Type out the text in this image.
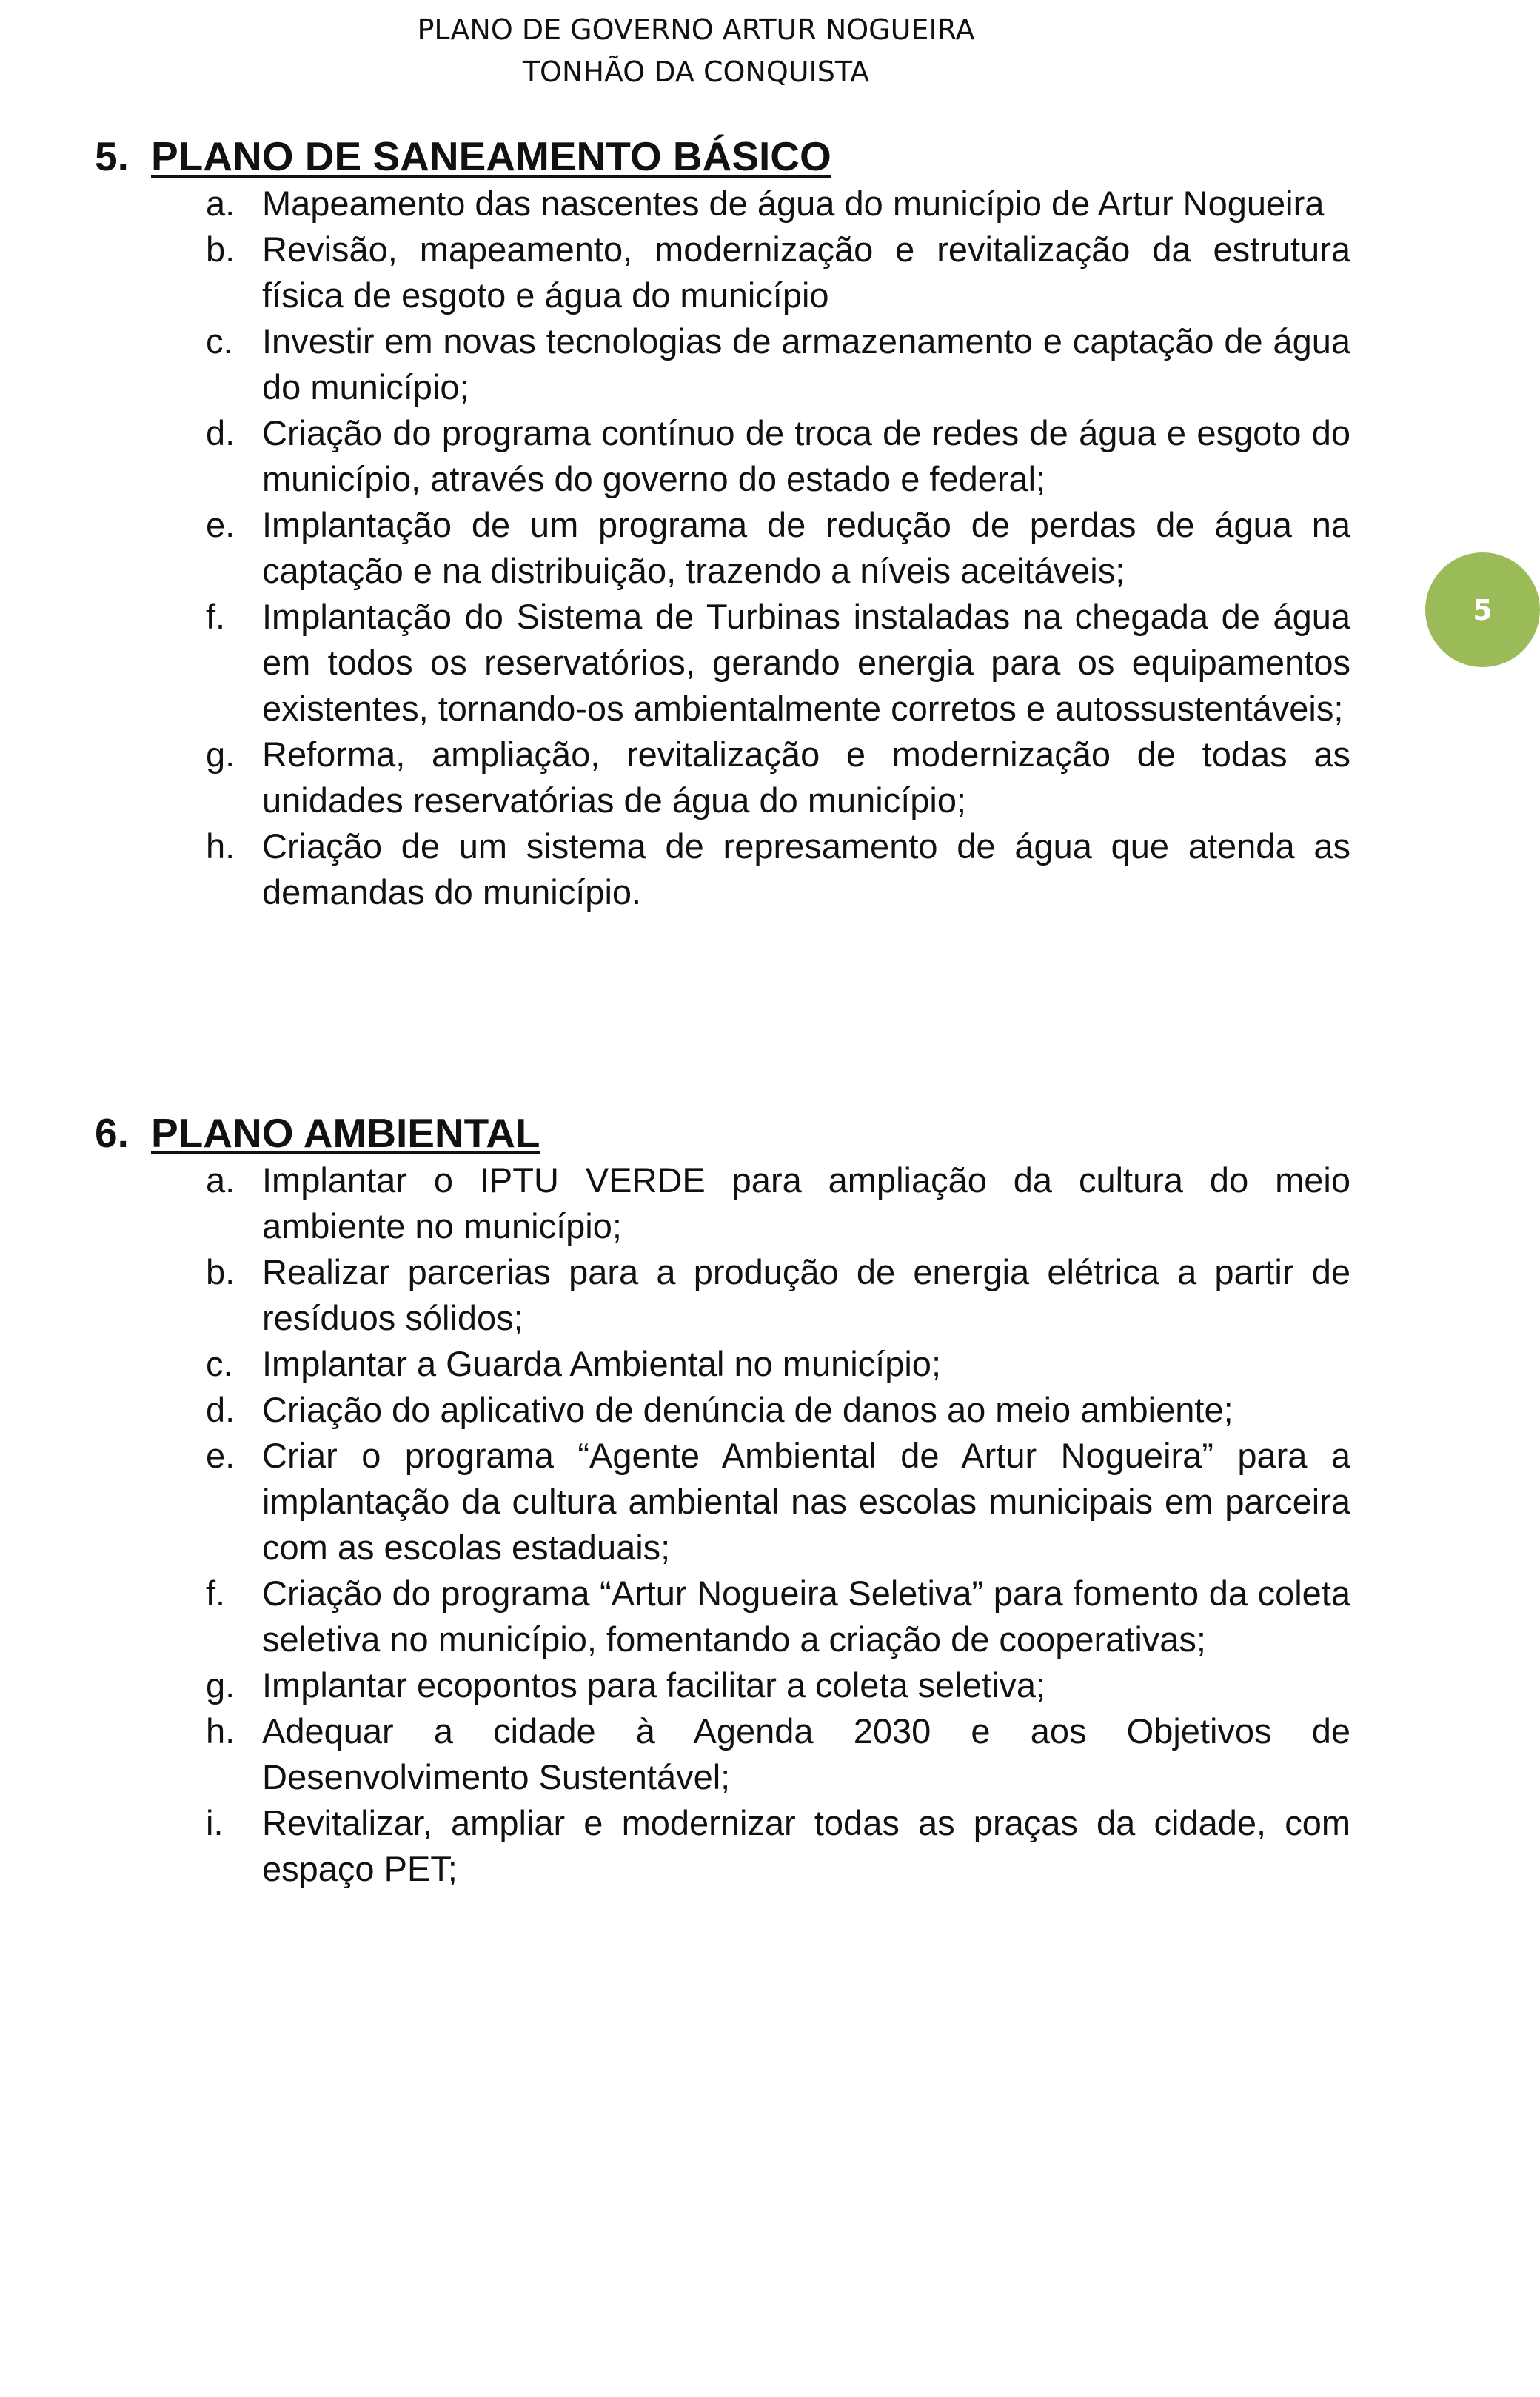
PLANO DE GOVERNO ARTUR NOGUEIRA
TONHÃO DA CONQUISTA
5
5. PLANO DE SANEAMENTO BÁSICO
a. Mapeamento das nascentes de água do município de Artur Nogueira
b. Revisão, mapeamento, modernização e revitalização da estrutura física de esgoto e água do município
c. Investir em novas tecnologias de armazenamento e captação de água do município;
d. Criação do programa contínuo de troca de redes de água e esgoto do município, através do governo do estado e federal;
e. Implantação de um programa de redução de perdas de água na captação e na distribuição, trazendo a níveis aceitáveis;
f. Implantação do Sistema de Turbinas instaladas na chegada de água em todos os reservatórios, gerando energia para os equipamentos existentes, tornando-os ambientalmente corretos e autossustentáveis;
g. Reforma, ampliação, revitalização e modernização de todas as unidades reservatórias de água do município;
h. Criação de um sistema de represamento de água que atenda as demandas do município.
6. PLANO AMBIENTAL
a. Implantar o IPTU VERDE para ampliação da cultura do meio ambiente no município;
b. Realizar parcerias para a produção de energia elétrica a partir de resíduos sólidos;
c. Implantar a Guarda Ambiental no município;
d. Criação do aplicativo de denúncia de danos ao meio ambiente;
e. Criar o programa “Agente Ambiental de Artur Nogueira” para a implantação da cultura ambiental nas escolas municipais em parceira com as escolas estaduais;
f. Criação do programa “Artur Nogueira Seletiva” para fomento da coleta seletiva no município, fomentando a criação de cooperativas;
g. Implantar ecopontos para facilitar a coleta seletiva;
h. Adequar a cidade à Agenda 2030 e aos Objetivos de Desenvolvimento Sustentável;
i. Revitalizar, ampliar e modernizar todas as praças da cidade, com espaço PET;
